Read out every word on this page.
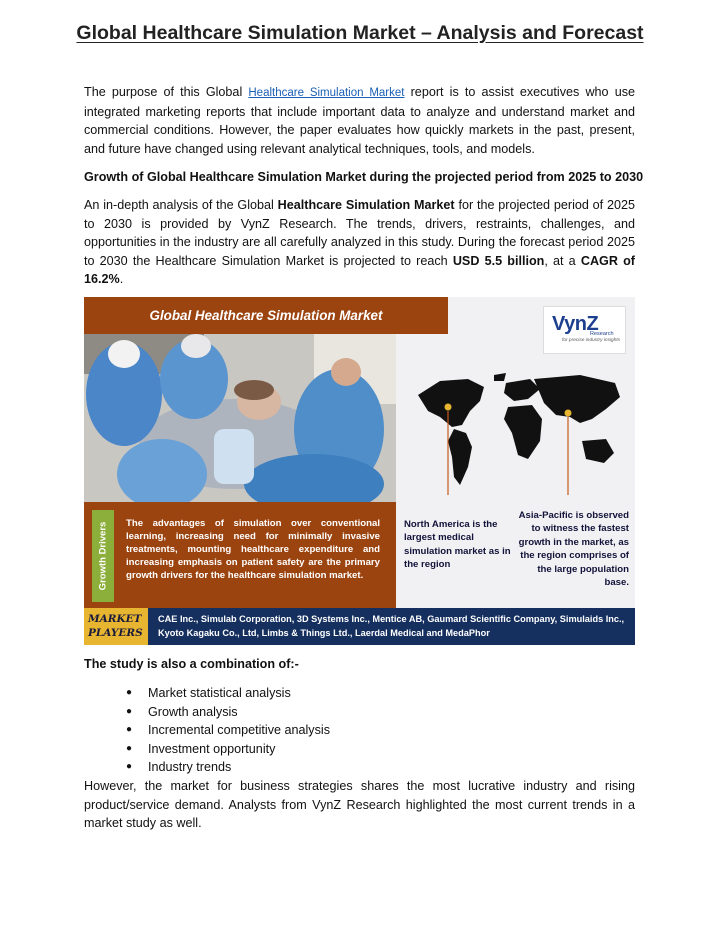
Global Healthcare Simulation Market – Analysis and Forecast
The purpose of this Global Healthcare Simulation Market report is to assist executives who use integrated marketing reports that include important data to analyze and understand market and commercial conditions. However, the paper evaluates how quickly markets in the past, present, and future have changed using relevant analytical techniques, tools, and models.
Growth of Global Healthcare Simulation Market during the projected period from 2025 to 2030
An in-depth analysis of the Global Healthcare Simulation Market for the projected period of 2025 to 2030 is provided by VynZ Research. The trends, drivers, restraints, challenges, and opportunities in the industry are all carefully analyzed in this study. During the forecast period 2025 to 2030 the Healthcare Simulation Market is projected to reach USD 5.5 billion, at a CAGR of 16.2%.
Global Healthcare Simulation Market	VynZ
Research
for precise industry insights
Growth Drivers The advantages of simulation over conventional learning, increasing need for minimally invasive treatments, mounting healthcare expenditure and increasing emphasis on patient safety are the primary growth drivers for the healthcare simulation market.
North America is the largest medical simulation market as in the region
Asia-Pacific is observed to witness the fastest growth in the market, as the region comprises of the large population base.
MARKET
PLAYERS
CAE Inc., Simulab Corporation, 3D Systems Inc., Mentice AB, Gaumard Scientific Company, Simulaids Inc., Kyoto Kagaku Co., Ltd, Limbs & Things Ltd., Laerdal Medical and MedaPhor
The study is also a combination of:-
● Market statistical analysis
● Growth analysis
● Incremental competitive analysis
● Investment opportunity
● Industry trends
However, the market for business strategies shares the most lucrative industry and rising product/service demand. Analysts from VynZ Research highlighted the most current trends in a market study as well.
